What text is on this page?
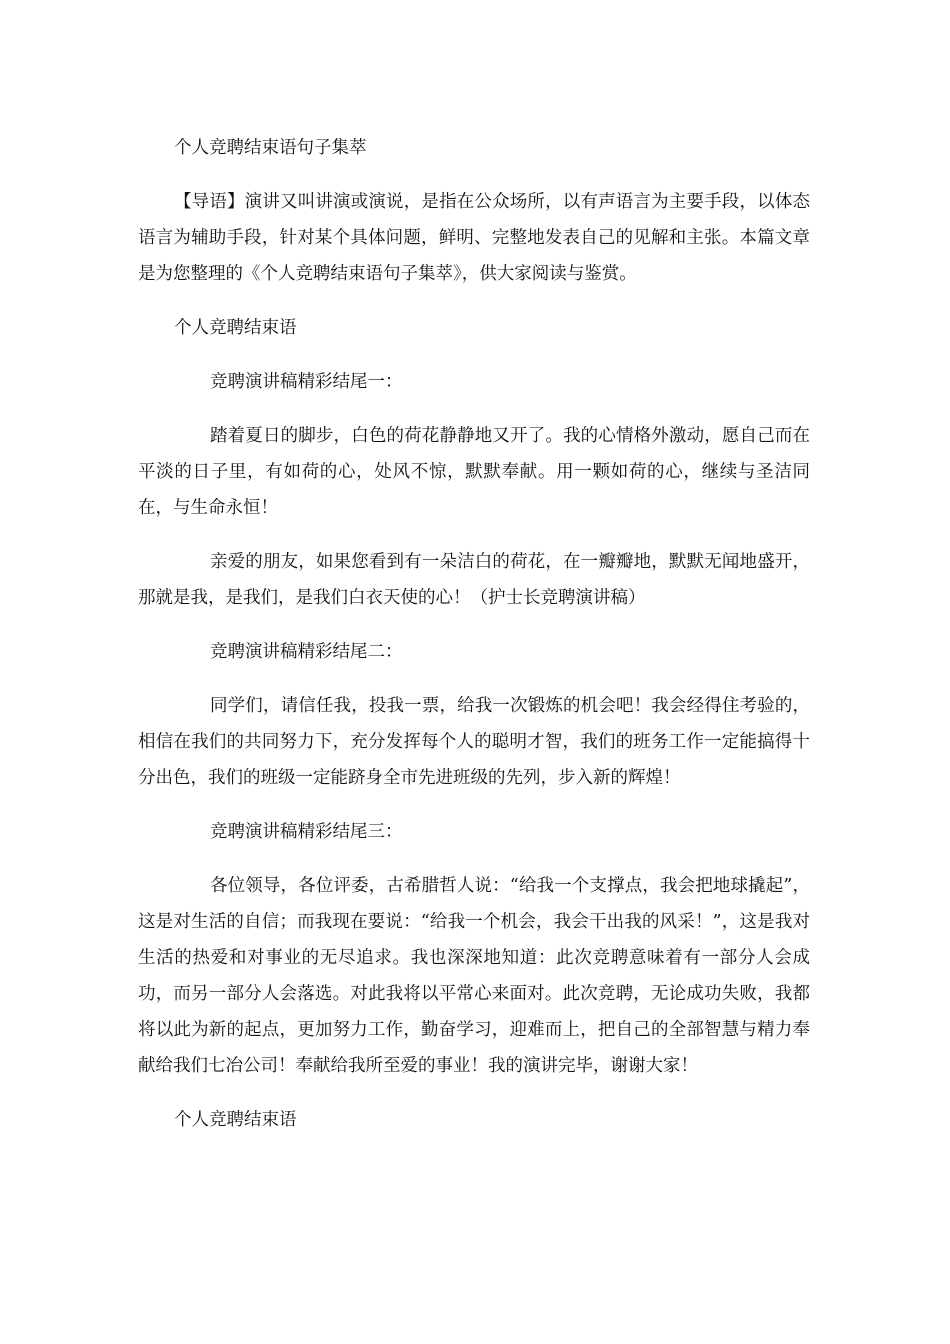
个人竞聘结束语句子集萃

【导语】演讲又叫讲演或演说，是指在公众场所，以有声语言为主要手段，以体态语言为辅助手段，针对某个具体问题，鲜明、完整地发表自己的见解和主张。本篇文章是为您整理的《个人竞聘结束语句子集萃》，供大家阅读与鉴赏。

个人竞聘结束语

竞聘演讲稿精彩结尾一：

踏着夏日的脚步，白色的荷花静静地又开了。我的心情格外激动，愿自己而在平淡的日子里，有如荷的心，处风不惊，默默奉献。用一颗如荷的心，继续与圣洁同在，与生命永恒！

亲爱的朋友，如果您看到有一朵洁白的荷花，在一瓣瓣地，默默无闻地盛开，那就是我，是我们，是我们白衣天使的心！（护士长竞聘演讲稿）

竞聘演讲稿精彩结尾二：

同学们，请信任我，投我一票，给我一次锻炼的机会吧！我会经得住考验的，相信在我们的共同努力下，充分发挥每个人的聪明才智，我们的班务工作一定能搞得十分出色，我们的班级一定能跻身全市先进班级的先列，步入新的辉煌！

竞聘演讲稿精彩结尾三：

各位领导，各位评委，古希腊哲人说：“给我一个支撑点，我会把地球撬起”，这是对生活的自信；而我现在要说：“给我一个机会，我会干出我的风采！”，这是我对生活的热爱和对事业的无尽追求。我也深深地知道：此次竞聘意味着有一部分人会成功，而另一部分人会落选。对此我将以平常心来面对。此次竞聘，无论成功失败，我都将以此为新的起点，更加努力工作，勤奋学习，迎难而上，把自己的全部智慧与精力奉献给我们七冶公司！奉献给我所至爱的事业！我的演讲完毕，谢谢大家！

个人竞聘结束语
